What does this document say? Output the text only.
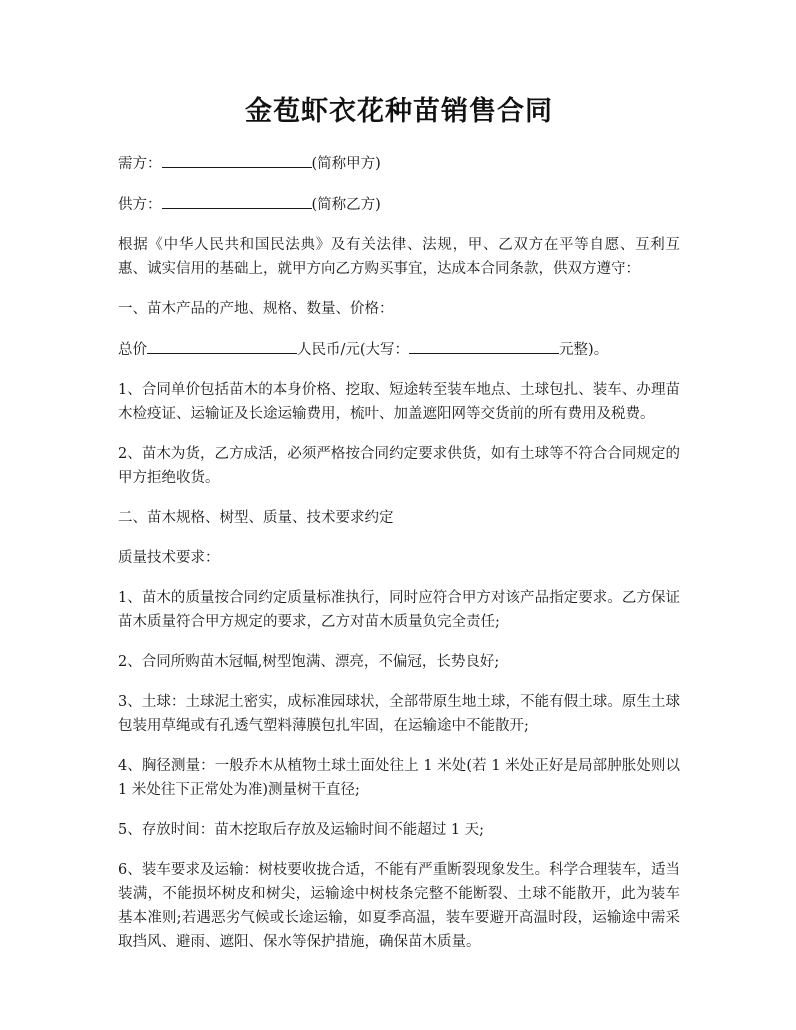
金苞虾衣花种苗销售合同

需方：	(简称甲方)

供方：	(简称乙方)

根据《中华人民共和国民法典》及有关法律、法规，甲、乙双方在平等自愿、互利互惠、诚实信用的基础上，就甲方向乙方购买事宜，达成本合同条款，供双方遵守：

一、苗木产品的产地、规格、数量、价格：

总价	人民币/元(大写：	元整)。

1、合同单价包括苗木的本身价格、挖取、短途转至装车地点、土球包扎、装车、办理苗木检疫证、运输证及长途运输费用，梳叶、加盖遮阳网等交货前的所有费用及税费。

2、苗木为货，乙方成活，必须严格按合同约定要求供货，如有土球等不符合合同规定的甲方拒绝收货。

二、苗木规格、树型、质量、技术要求约定

质量技术要求：

1、苗木的质量按合同约定质量标准执行，同时应符合甲方对该产品指定要求。乙方保证苗木质量符合甲方规定的要求，乙方对苗木质量负完全责任;

2、合同所购苗木冠幅,树型饱满、漂亮，不偏冠，长势良好;

3、土球：土球泥土密实，成标准园球状，全部带原生地土球，不能有假土球。原生土球包装用草绳或有孔透气塑料薄膜包扎牢固，在运输途中不能散开;

4、胸径测量：一般乔木从植物土球土面处往上 1 米处(若 1 米处正好是局部肿胀处则以 1 米处往下正常处为准)测量树干直径;

5、存放时间：苗木挖取后存放及运输时间不能超过 1 天;

6、装车要求及运输：树枝要收拢合适，不能有严重断裂现象发生。科学合理装车，适当装满，不能损坏树皮和树尖，运输途中树枝条完整不能断裂、土球不能散开，此为装车基本准则;若遇恶劣气候或长途运输，如夏季高温，装车要避开高温时段，运输途中需采取挡风、避雨、遮阳、保水等保护措施，确保苗木质量。
